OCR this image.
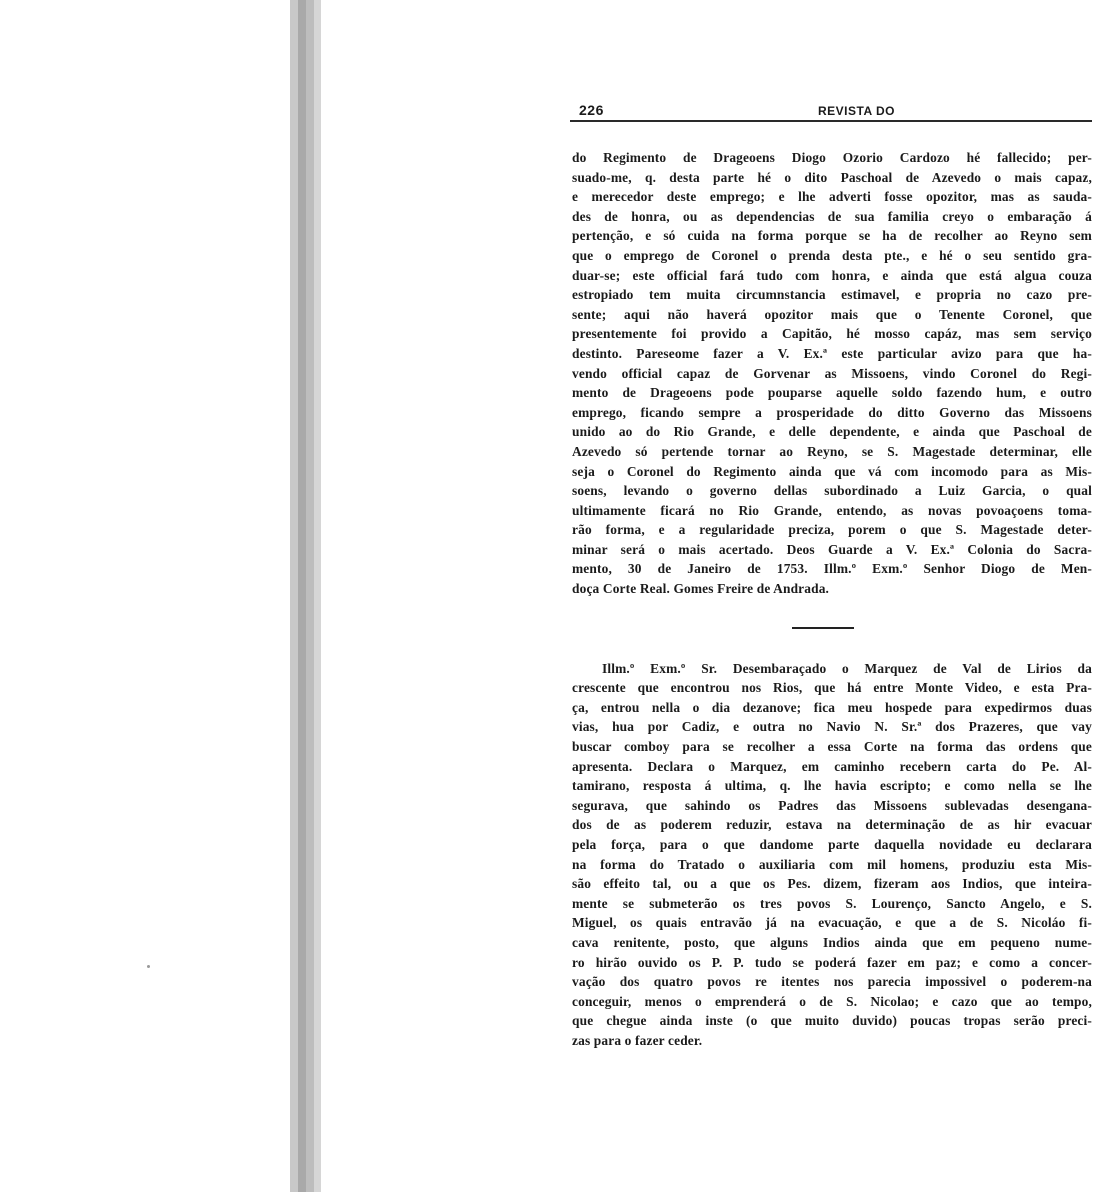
226	REVISTA DO
do Regimento de Drageoens Diogo Ozorio Cardozo hé fallecido; per-
suado-me, q. desta parte hé o dito Paschoal de Azevedo o mais capaz,
e merecedor deste emprego; e lhe adverti fosse opozitor, mas as sauda-
des de honra, ou as dependencias de sua familia creyo o embaração á
pertenção, e só cuida na forma porque se ha de recolher ao Reyno sem
que o emprego de Coronel o prenda desta pte., e hé o seu sentido gra-
duar-se; este official fará tudo com honra, e ainda que está algua couza
estropiado tem muita circumnstancia estimavel, e propria no cazo pre-
sente; aqui não haverá opozitor mais que o Tenente Coronel, que
presentemente foi provido a Capitão, hé mosso capáz, mas sem serviço
destinto. Pareseome fazer a V. Ex.ª este particular avizo para que ha-
vendo official capaz de Gorvenar as Missoens, vindo Coronel do Regi-
mento de Drageoens pode pouparse aquelle soldo fazendo hum, e outro
emprego, ficando sempre a prosperidade do ditto Governo das Missoens
unido ao do Rio Grande, e delle dependente, e ainda que Paschoal de
Azevedo só pertende tornar ao Reyno, se S. Magestade determinar, elle
seja o Coronel do Regimento ainda que vá com incomodo para as Mis-
soens, levando o governo dellas subordinado a Luiz Garcia, o qual
ultimamente ficará no Rio Grande, entendo, as novas povoaçoens toma-
rão forma, e a regularidade preciza, porem o que S. Magestade deter-
minar será o mais acertado. Deos Guarde a V. Ex.ª Colonia do Sacra-
mento, 30 de Janeiro de 1753. Illm.º Exm.º Senhor Diogo de Men-
doça Corte Real. Gomes Freire de Andrada.
Illm.º Exm.º Sr. Desembaraçado o Marquez de Val de Lirios da
crescente que encontrou nos Rios, que há entre Monte Video, e esta Pra-
ça, entrou nella o dia dezanove; fica meu hospede para expedirmos duas
vias, hua por Cadiz, e outra no Navio N. Sr.ª dos Prazeres, que vay
buscar comboy para se recolher a essa Corte na forma das ordens que
apresenta. Declara o Marquez, em caminho recebern carta do Pe. Al-
tamirano, resposta á ultima, q. lhe havia escripto; e como nella se lhe
segurava, que sahindo os Padres das Missoens sublevadas desengana-
dos de as poderem reduzir, estava na determinação de as hir evacuar
pela força, para o que dandome parte daquella novidade eu declarara
na forma do Tratado o auxiliaria com mil homens, produziu esta Mis-
são effeito tal, ou a que os Pes. dizem, fizeram aos Indios, que inteira-
mente se submeterão os tres povos S. Lourenço, Sancto Angelo, e S.
Miguel, os quais entravão já na evacuação, e que a de S. Nicoláo fi-
cava renitente, posto, que alguns Indios ainda que em pequeno nume-
ro hirão ouvido os P. P. tudo se poderá fazer em paz; e como a concer-
vação dos quatro povos re itentes nos parecia impossivel o poderem-na
conceguir, menos o emprenderá o de S. Nicolao; e cazo que ao tempo,
que chegue ainda inste (o que muito duvido) poucas tropas serão preci-
zas para o fazer ceder.
